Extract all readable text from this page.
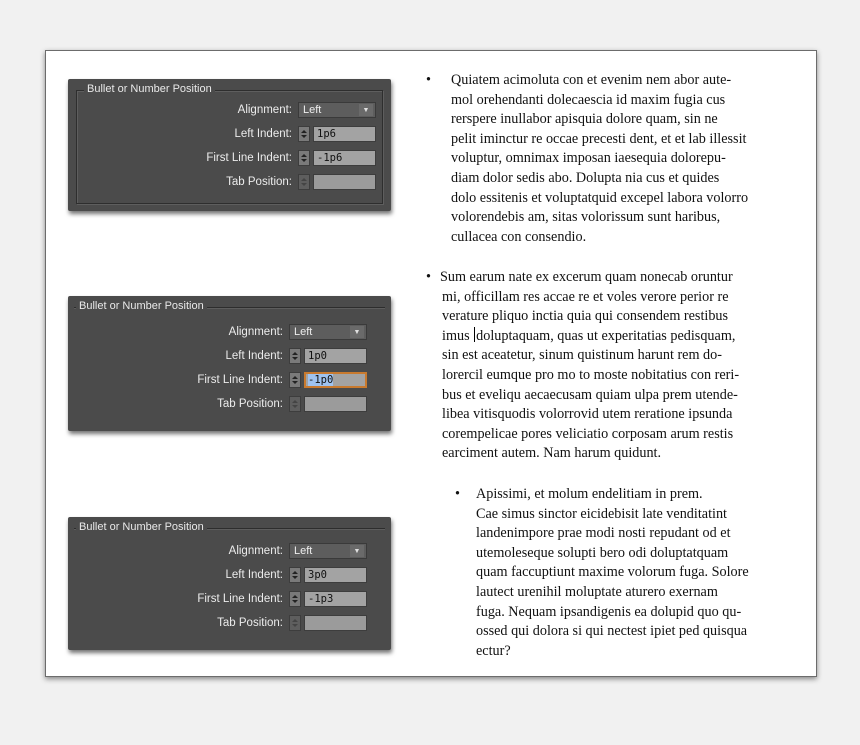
Bullet or Number Position
Alignment: Left	▼
Left Indent:	1p6
First Line Indent:	-1p6
Tab Position:
Bullet or Number Position
Alignment: Left	▼
Left Indent:	1p0
First Line Indent:	-1p0
Tab Position:
Bullet or Number Position
Alignment: Left	▼
Left Indent:	3p0
First Line Indent:	-1p3
Tab Position:
• Quiatem acimoluta con et evenim nem abor aute-

mol orehendanti dolecaescia id maxim fugia cus

rerspere inullabor apisquia dolore quam, sin ne

pelit iminctur re occae precesti dent, et et lab illessit

voluptur, omnimax imposan iaesequia dolorepu-

diam dolor sedis abo. Dolupta nia cus et quides

dolo essitenis et voluptatquid excepel labora volorro

volorendebis am, sitas volorissum sunt haribus,

cullacea con consendio.

• Sum earum nate ex excerum quam nonecab oruntur

mi, officillam res accae re et voles verore perior re

verature pliquo inctia quia qui consendem restibus

imus doluptaquam, quas ut experitatias pedisquam,

sin est aceatetur, sinum quistinum harunt rem do-

lorercil eumque pro mo to moste nobitatius con reri-

bus et eveliqu aecaecusam quiam ulpa prem utende-

libea vitisquodis volorrovid utem reratione ipsunda

corempelicae pores veliciatio corposam arum restis

earciment autem. Nam harum quidunt.

• Apissimi, et molum endelitiam in prem.

Cae simus sinctor eicidebisit late venditatint

landenimpore prae modi nosti repudant od et

utemoleseque solupti bero odi doluptatquam

quam faccuptiunt maxime volorum fuga. Solore

lautect urenihil moluptate aturero exernam

fuga. Nequam ipsandigenis ea dolupid quo qu-

ossed qui dolora si qui nectest ipiet ped quisqua

ectur?
